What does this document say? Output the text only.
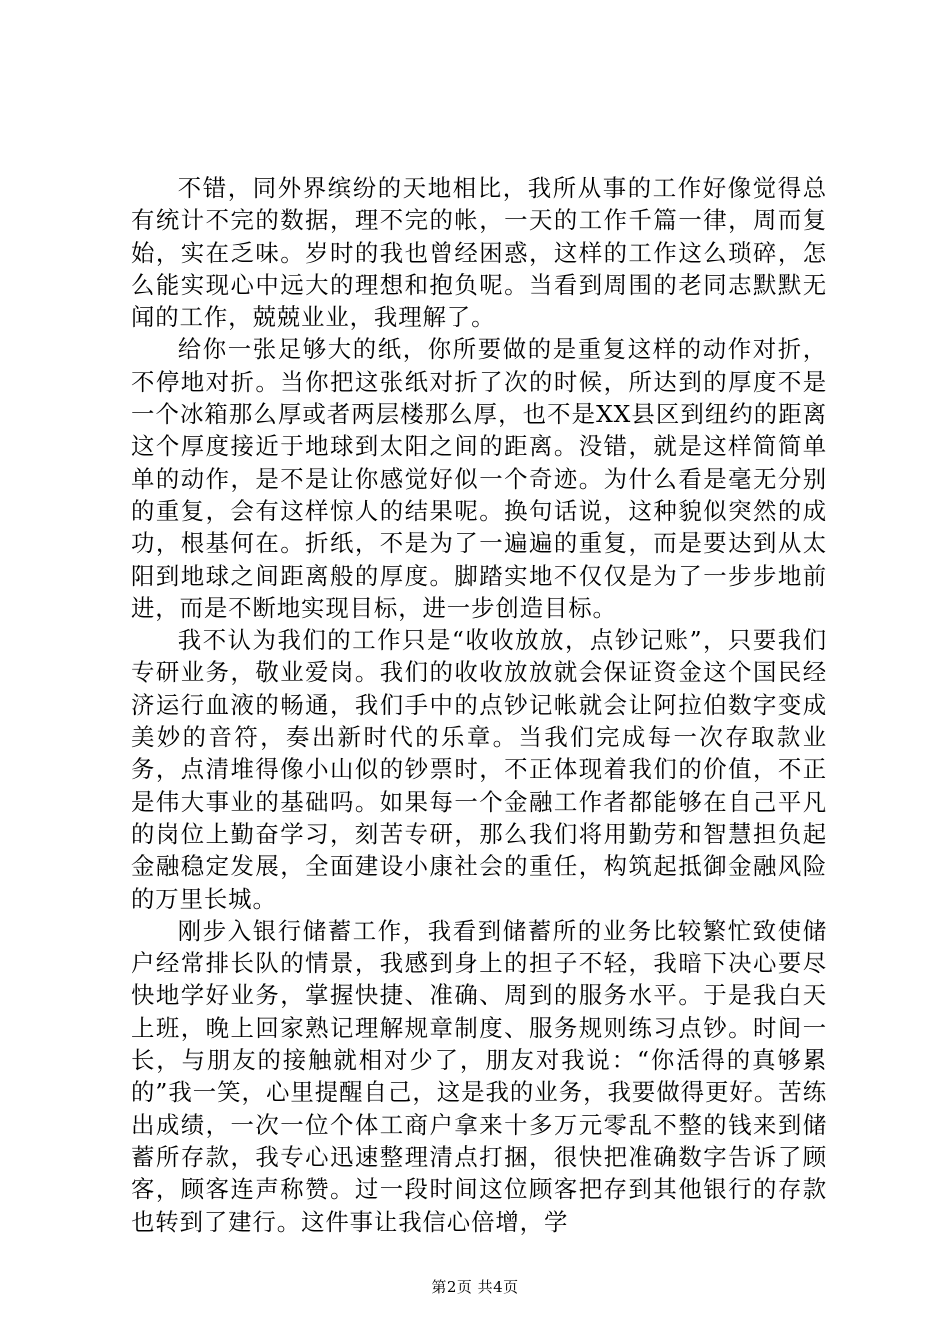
不错，同外界缤纷的天地相比，我所从事的工作好像觉得总有统计不完的数据，理不完的帐，一天的工作千篇一律，周而复始，实在乏味。岁时的我也曾经困惑，这样的工作这么琐碎，怎么能实现心中远大的理想和抱负呢。当看到周围的老同志默默无闻的工作，兢兢业业，我理解了。

给你一张足够大的纸，你所要做的是重复这样的动作对折，不停地对折。当你把这张纸对折了次的时候，所达到的厚度不是一个冰箱那么厚或者两层楼那么厚，也不是XX县区到纽约的距离这个厚度接近于地球到太阳之间的距离。没错，就是这样简简单单的动作，是不是让你感觉好似一个奇迹。为什么看是毫无分别的重复，会有这样惊人的结果呢。换句话说，这种貌似突然的成功，根基何在。折纸，不是为了一遍遍的重复，而是要达到从太阳到地球之间距离般的厚度。脚踏实地不仅仅是为了一步步地前进，而是不断地实现目标，进一步创造目标。

我不认为我们的工作只是“收收放放，点钞记账”，只要我们专研业务，敬业爱岗。我们的收收放放就会保证资金这个国民经济运行血液的畅通，我们手中的点钞记帐就会让阿拉伯数字变成美妙的音符，奏出新时代的乐章。当我们完成每一次存取款业务，点清堆得像小山似的钞票时，不正体现着我们的价值，不正是伟大事业的基础吗。如果每一个金融工作者都能够在自己平凡的岗位上勤奋学习，刻苦专研，那么我们将用勤劳和智慧担负起金融稳定发展，全面建设小康社会的重任，构筑起抵御金融风险的万里长城。

刚步入银行储蓄工作，我看到储蓄所的业务比较繁忙致使储户经常排长队的情景，我感到身上的担子不轻，我暗下决心要尽快地学好业务，掌握快捷、准确、周到的服务水平。于是我白天上班，晚上回家熟记理解规章制度、服务规则练习点钞。时间一长，与朋友的接触就相对少了，朋友对我说：“你活得的真够累的”我一笑，心里提醒自己，这是我的业务，我要做得更好。苦练出成绩，一次一位个体工商户拿来十多万元零乱不整的钱来到储蓄所存款，我专心迅速整理清点打捆，很快把准确数字告诉了顾客，顾客连声称赞。过一段时间这位顾客把存到其他银行的存款也转到了建行。这件事让我信心倍增，学

第2页 共4页
